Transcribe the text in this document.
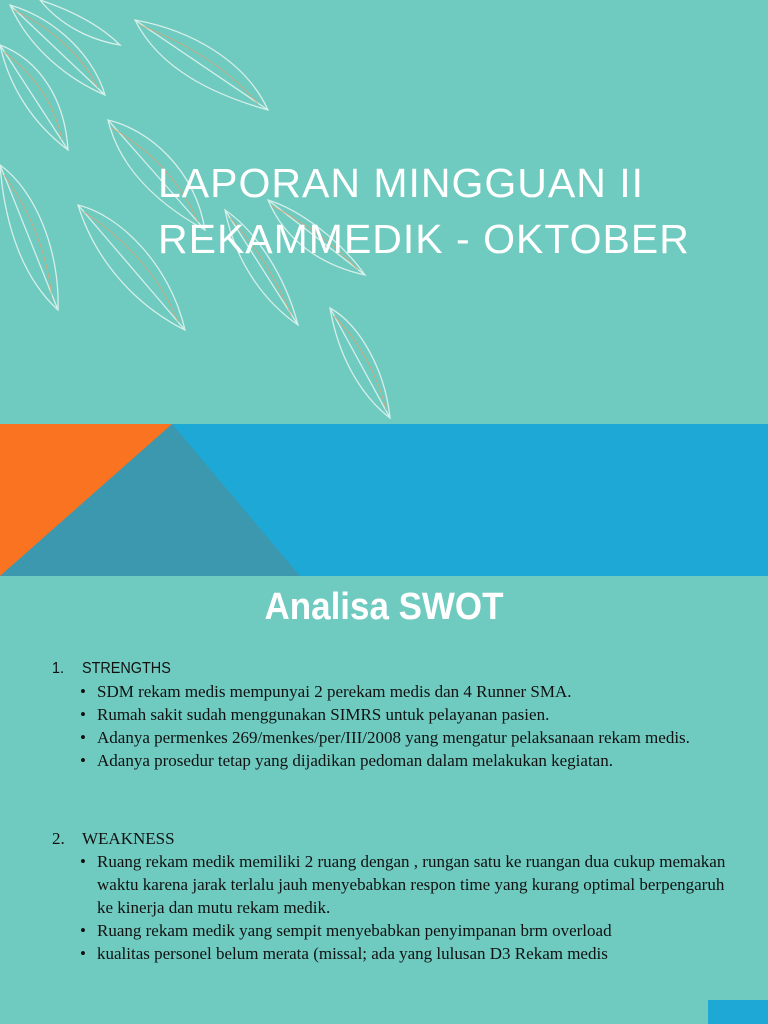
LAPORAN MINGGUAN II
REKAMMEDIK - OKTOBER
Analisa SWOT
1.	STRENGTHS
• SDM rekam medis mempunyai 2 perekam medis dan 4 Runner SMA.
• Rumah sakit sudah menggunakan SIMRS untuk pelayanan pasien.
• Adanya permenkes 269/menkes/per/III/2008 yang mengatur pelaksanaan rekam medis.
• Adanya prosedur tetap yang dijadikan pedoman dalam melakukan kegiatan.
2.	WEAKNESS
• Ruang rekam medik memiliki 2 ruang dengan , rungan satu ke ruangan dua cukup memakan waktu karena jarak terlalu jauh menyebabkan respon time yang kurang optimal berpengaruh ke kinerja dan mutu rekam medik.
• Ruang rekam medik yang sempit menyebabkan penyimpanan brm overload
• kualitas personel belum merata (missal; ada yang lulusan D3 Rekam medis
